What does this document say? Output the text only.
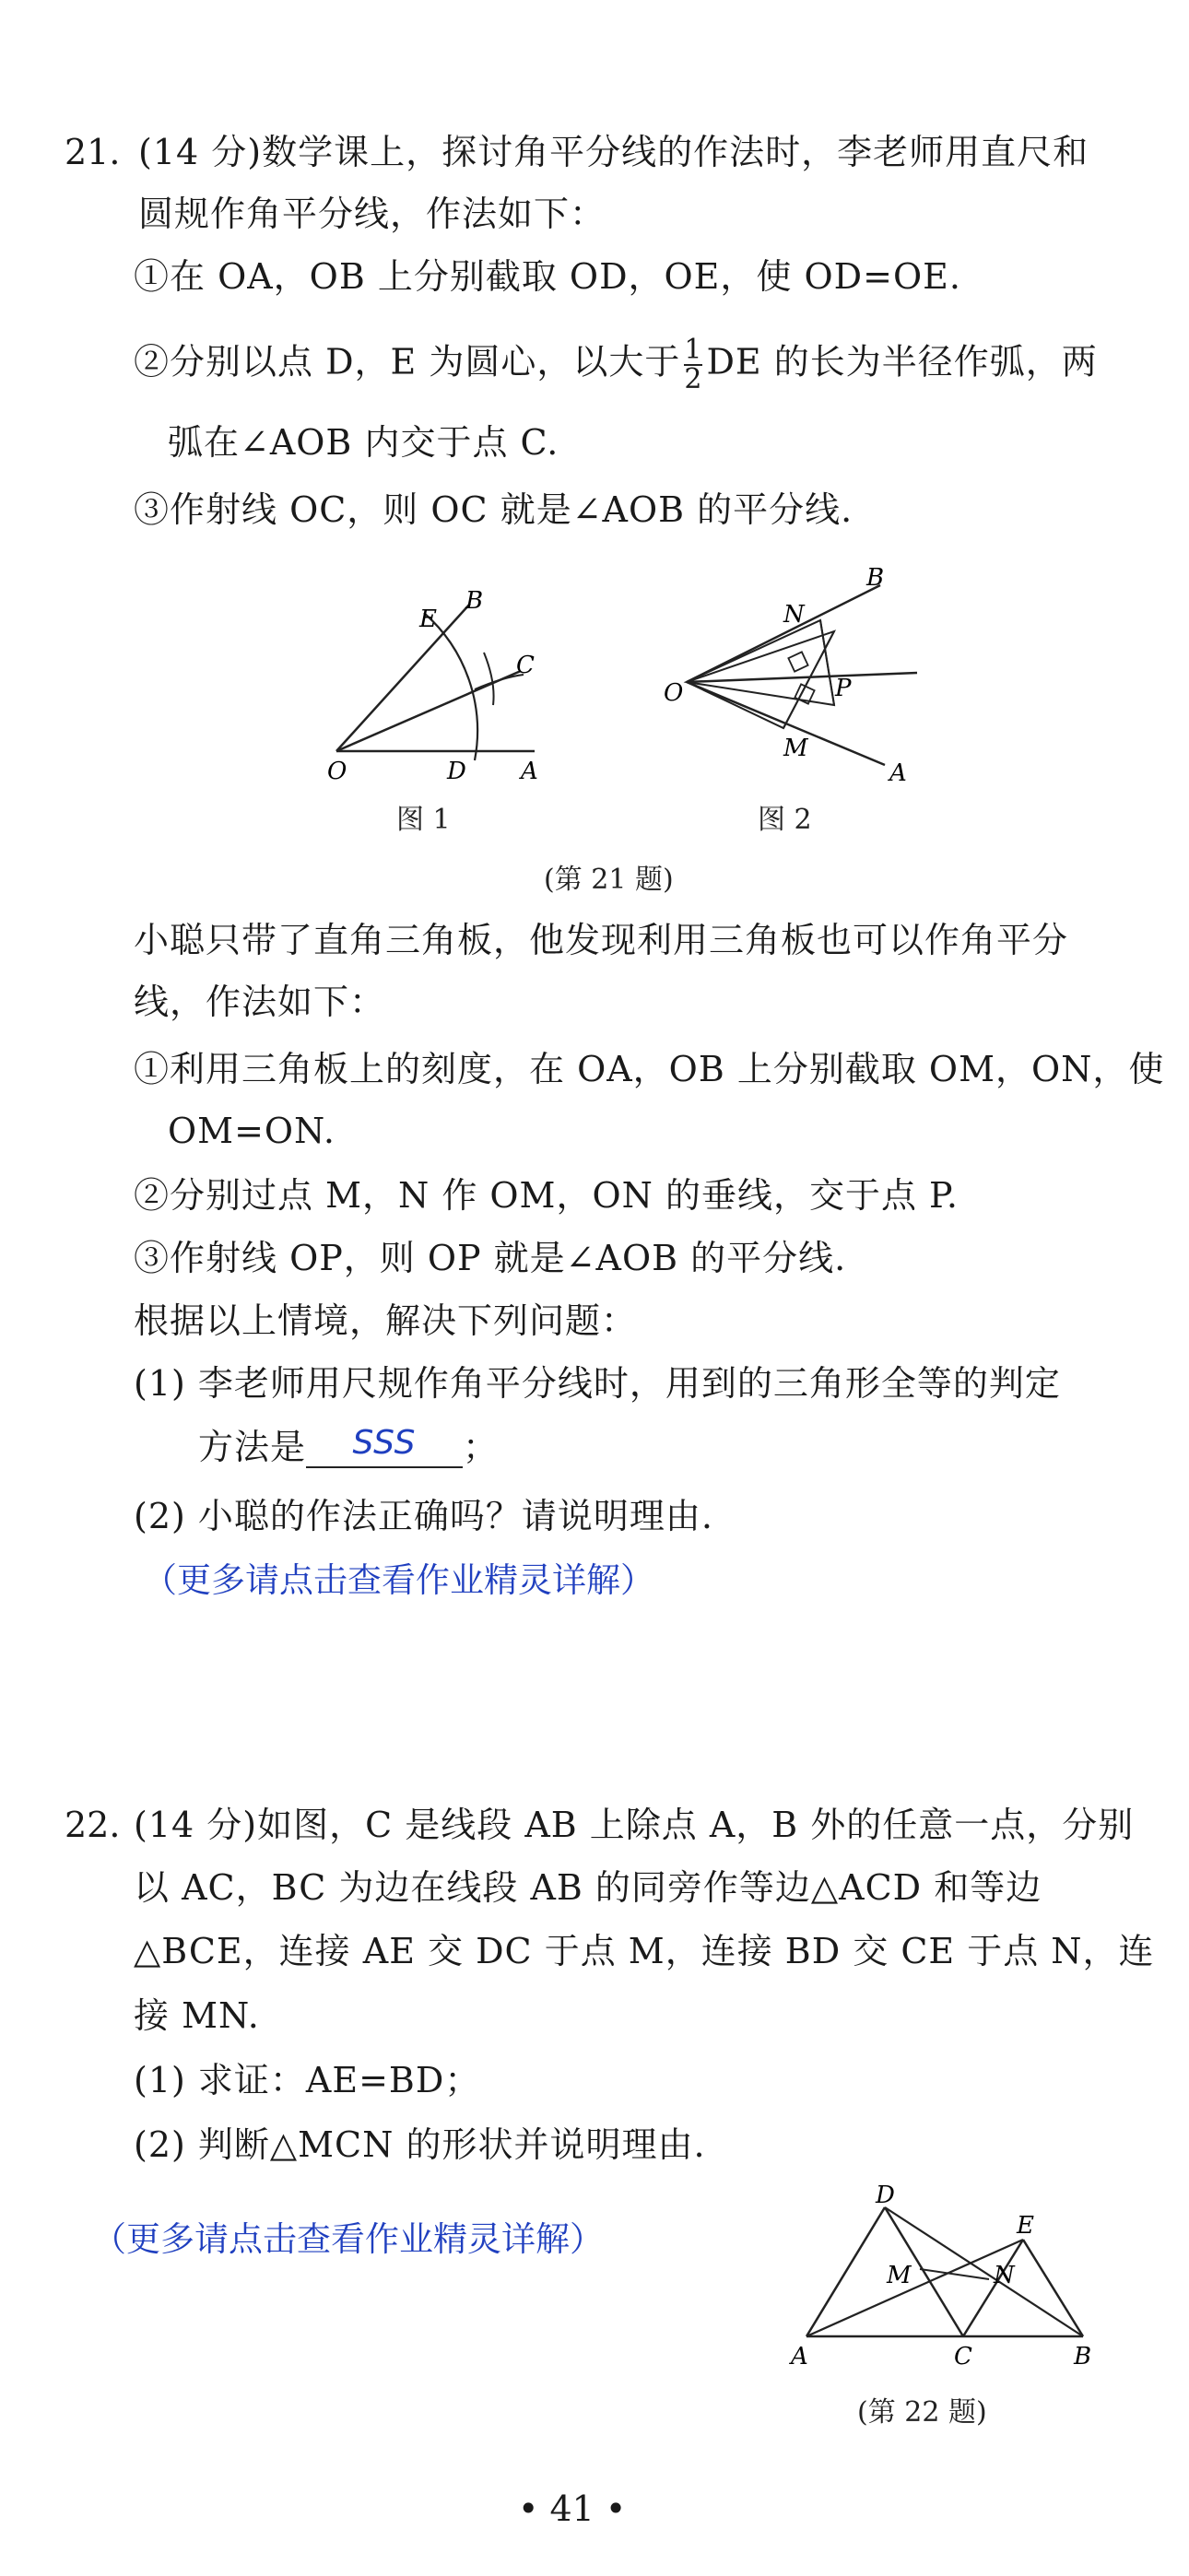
21. (14 分)数学课上，探讨角平分线的作法时，李老师用直尺和
圆规作角平分线，作法如下：
①在 OA，OB 上分别截取 OD，OE，使 OD=OE.
②分别以点 D，E 为圆心，以大于 $\frac{1}{2}$ DE 的长为半径作弧，两
弧在∠AOB 内交于点 C.
③作射线 OC，则 OC 就是∠AOB 的平分线.
O	D A
E
B
C
图 1
O
N
M
P
A
B
图 2
(第 21 题)
小聪只带了直角三角板，他发现利用三角板也可以作角平分
线，作法如下：
①利用三角板上的刻度，在 OA，OB 上分别截取 OM，ON，使
OM=ON.
②分别过点 M，N 作 OM，ON 的垂线，交于点 P.
③作射线 OP，则 OP 就是∠AOB 的平分线.
根据以上情境，解决下列问题：
(1) 李老师用尺规作角平分线时，用到的三角形全等的判定
方法是 SSS ；
(2) 小聪的作法正确吗？请说明理由.
（更多请点击查看作业精灵详解）
22. (14 分)如图，C 是线段 AB 上除点 A，B 外的任意一点，分别
以 AC，BC 为边在线段 AB 的同旁作等边△ACD 和等边
△BCE，连接 AE 交 DC 于点 M，连接 BD 交 CE 于点 N，连
接 MN.
(1) 求证：AE=BD；
(2) 判断△MCN 的形状并说明理由.
（更多请点击查看作业精灵详解）
D
E
M	N
A	C	B
(第 22 题)
• 41 •
